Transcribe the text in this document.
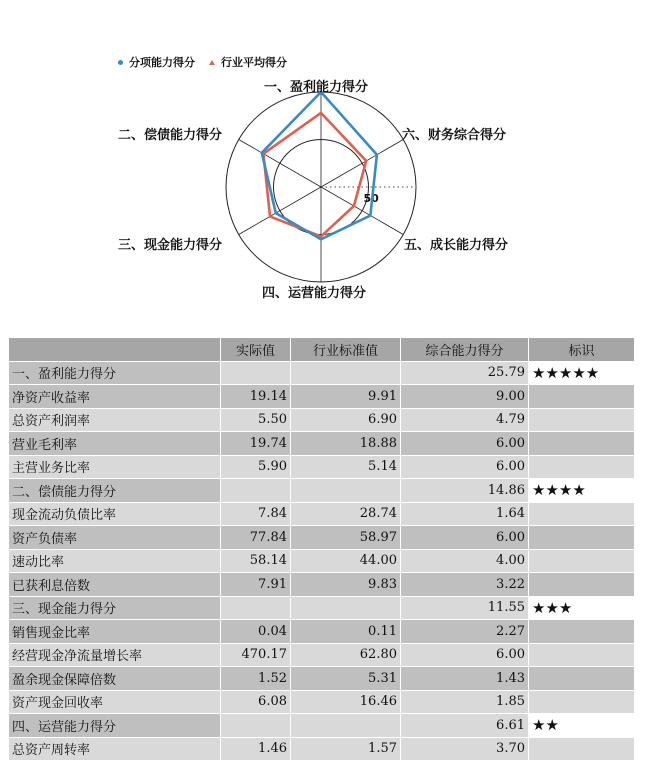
分项能力得分 行业平均得分
50
一、盈利能力得分
六、财务综合得分
五、成长能力得分
四、运营能力得分
三、现金能力得分
二、偿债能力得分
	实际值	行业标准值	综合能力得分	标识
一、盈利能力得分			25.79	★★★★★
净资产收益率	19.14	9.91	9.00	
总资产利润率	5.50	6.90	4.79	
营业毛利率	19.74	18.88	6.00	
主营业务比率	5.90	5.14	6.00	
二、偿债能力得分			14.86	★★★★
现金流动负债比率	7.84	28.74	1.64	
资产负债率	77.84	58.97	6.00	
速动比率	58.14	44.00	4.00	
已获利息倍数	7.91	9.83	3.22	
三、现金能力得分			11.55	★★★
销售现金比率	0.04	0.11	2.27	
经营现金净流量增长率	470.17	62.80	6.00	
盈余现金保障倍数	1.52	5.31	1.43	
资产现金回收率	6.08	16.46	1.85	
四、运营能力得分			6.61	★★
总资产周转率	1.46	1.57	3.70	
